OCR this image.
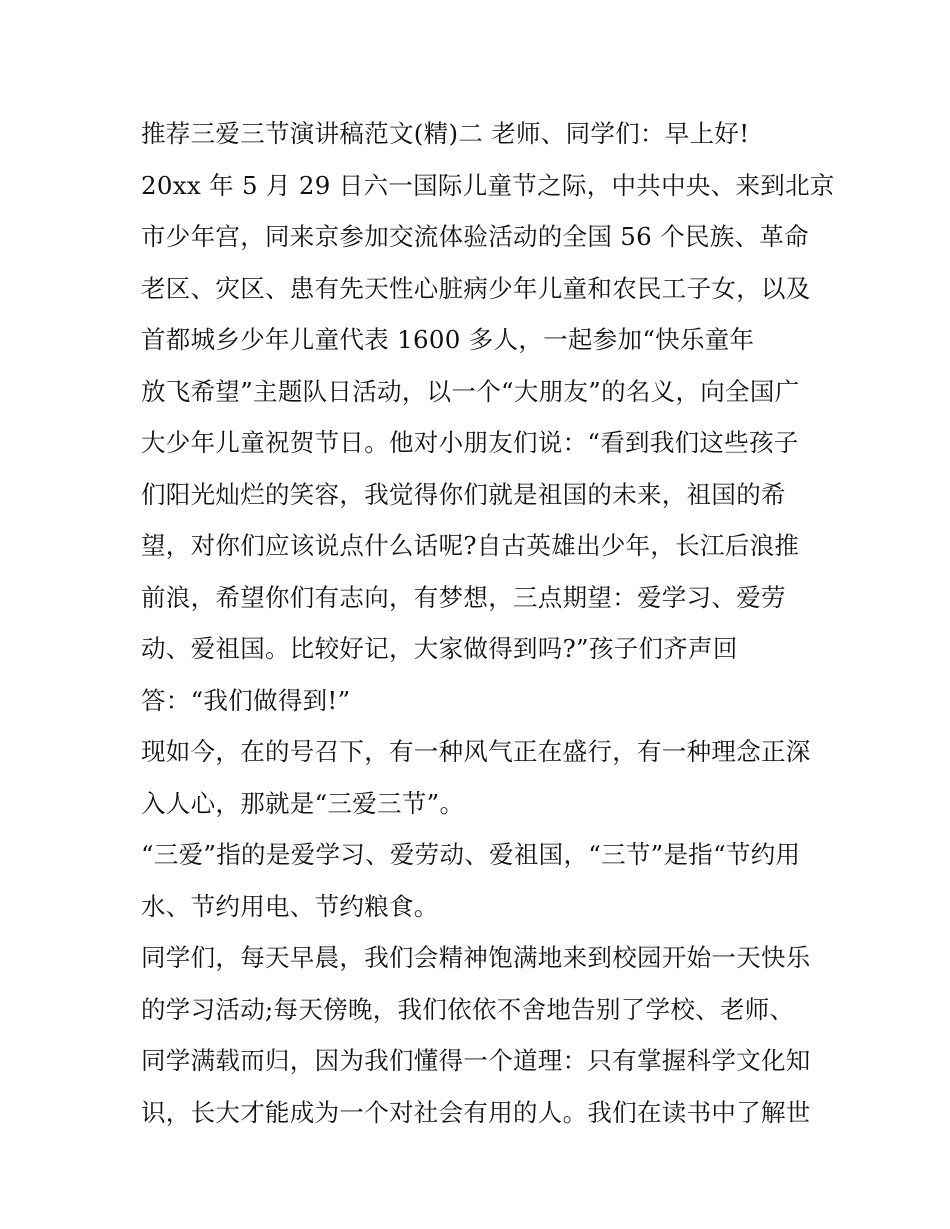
推荐三爱三节演讲稿范文(精)二 老师、同学们：早上好!
20xx 年 5 月 29 日六一国际儿童节之际，中共中央、来到北京
市少年宫，同来京参加交流体验活动的全国 56 个民族、革命
老区、灾区、患有先天性心脏病少年儿童和农民工子女，以及
首都城乡少年儿童代表 1600 多人，一起参加“快乐童年
放飞希望”主题队日活动，以一个“大朋友”的名义，向全国广
大少年儿童祝贺节日。他对小朋友们说：“看到我们这些孩子
们阳光灿烂的笑容，我觉得你们就是祖国的未来，祖国的希
望，对你们应该说点什么话呢?自古英雄出少年，长江后浪推
前浪，希望你们有志向，有梦想，三点期望：爱学习、爱劳
动、爱祖国。比较好记，大家做得到吗?”孩子们齐声回
答：“我们做得到!”
现如今，在的号召下，有一种风气正在盛行，有一种理念正深
入人心，那就是“三爱三节”。
“三爱”指的是爱学习、爱劳动、爱祖国，“三节”是指“节约用
水、节约用电、节约粮食。
同学们，每天早晨，我们会精神饱满地来到校园开始一天快乐
的学习活动;每天傍晚，我们依依不舍地告别了学校、老师、
同学满载而归，因为我们懂得一个道理：只有掌握科学文化知
识，长大才能成为一个对社会有用的人。我们在读书中了解世
